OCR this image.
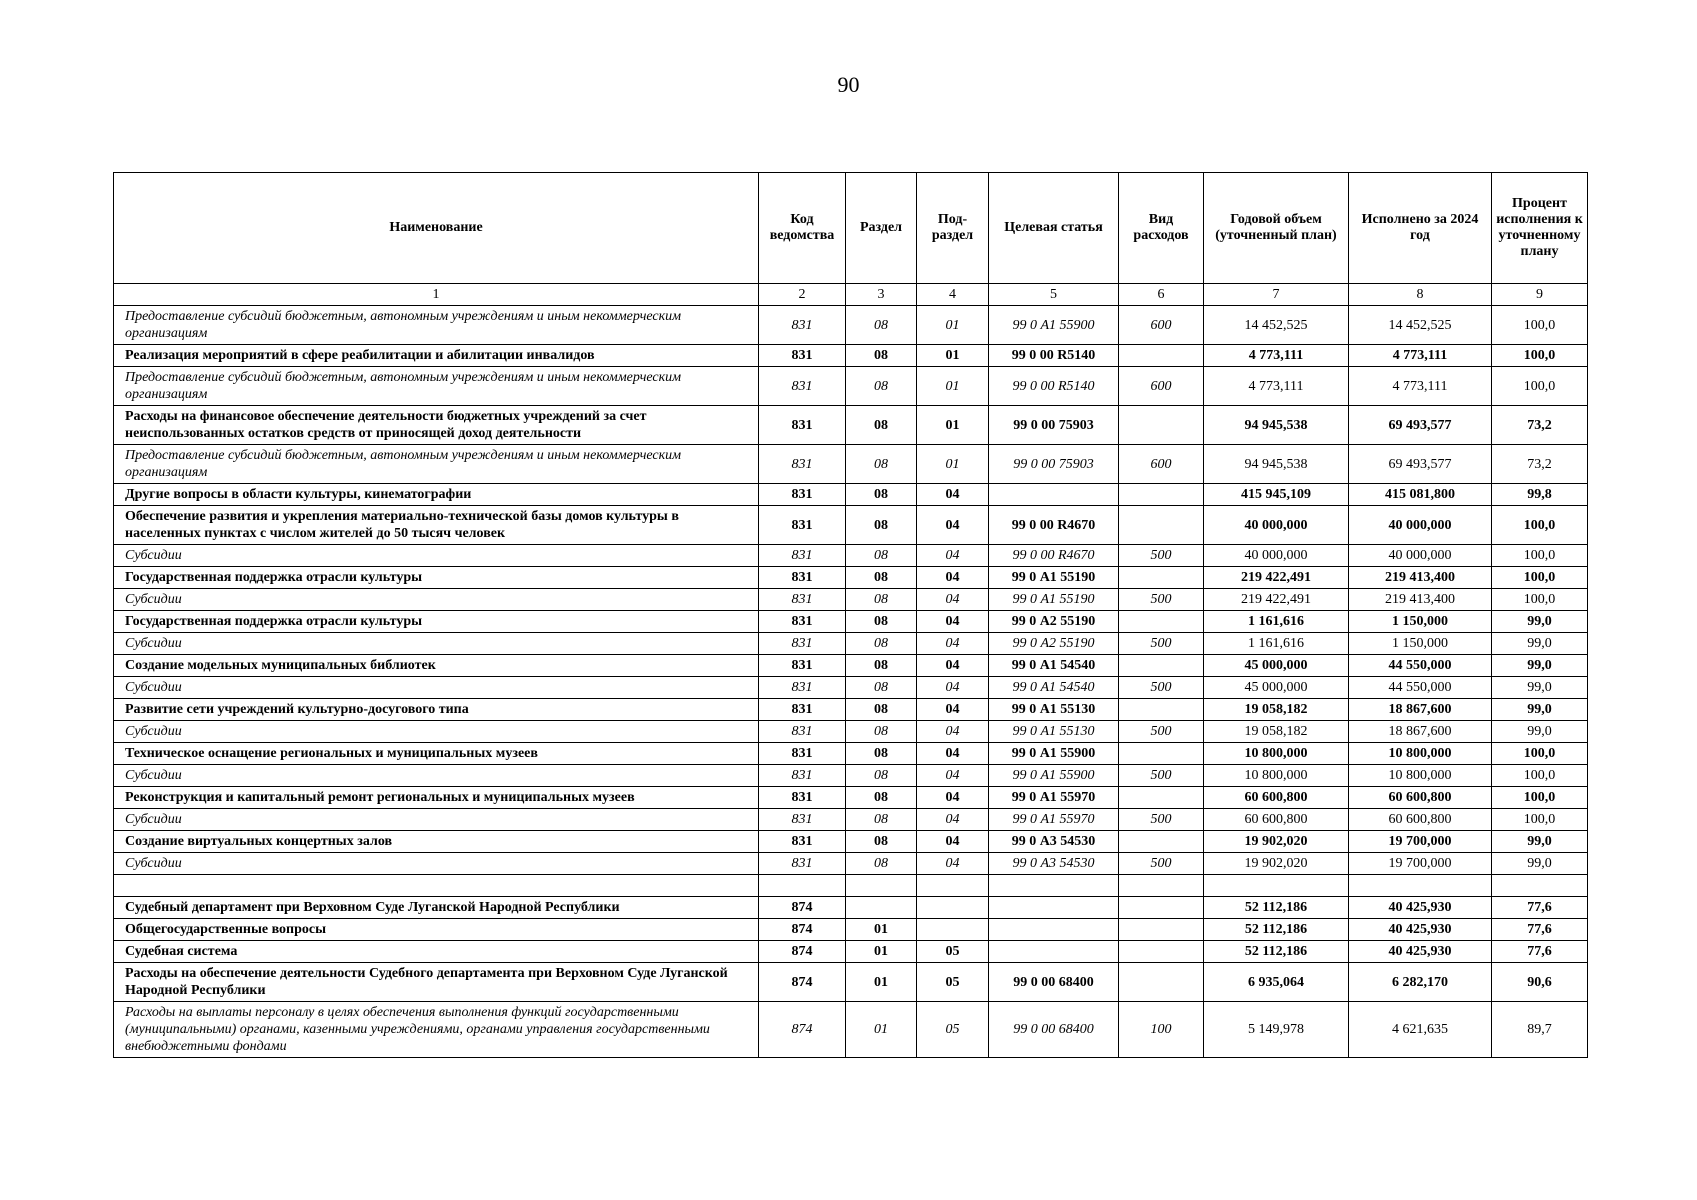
90
Наименование	Код ведомства	Раздел	Под-раздел	Целевая статья	Вид расходов	Годовой объем (уточненный план)	Исполнено за 2024 год	Процент исполнения к уточненному плану
1	2	3	4	5	6	7	8	9
Предоставление субсидий бюджетным, автономным учреждениям и иным некоммерческим организациям	831	08	01	99 0 А1 55900	600	14 452,525	14 452,525	100,0
Реализация мероприятий в сфере реабилитации и абилитации инвалидов	831	08	01	99 0 00 R5140		4 773,111	4 773,111	100,0
Предоставление субсидий бюджетным, автономным учреждениям и иным некоммерческим организациям	831	08	01	99 0 00 R5140	600	4 773,111	4 773,111	100,0
Расходы на финансовое обеспечение деятельности бюджетных учреждений за счет неиспользованных остатков средств от приносящей доход деятельности	831	08	01	99 0 00 75903		94 945,538	69 493,577	73,2
Предоставление субсидий бюджетным, автономным учреждениям и иным некоммерческим организациям	831	08	01	99 0 00 75903	600	94 945,538	69 493,577	73,2
Другие вопросы в области культуры, кинематографии	831	08	04			415 945,109	415 081,800	99,8
Обеспечение развития и укрепления материально-технической базы домов культуры в населенных пунктах с числом жителей до 50 тысяч человек	831	08	04	99 0 00 R4670		40 000,000	40 000,000	100,0
Субсидии	831	08	04	99 0 00 R4670	500	40 000,000	40 000,000	100,0
Государственная поддержка отрасли культуры	831	08	04	99 0 А1 55190		219 422,491	219 413,400	100,0
Субсидии	831	08	04	99 0 А1 55190	500	219 422,491	219 413,400	100,0
Государственная поддержка отрасли культуры	831	08	04	99 0 А2 55190		1 161,616	1 150,000	99,0
Субсидии	831	08	04	99 0 А2 55190	500	1 161,616	1 150,000	99,0
Создание модельных муниципальных библиотек	831	08	04	99 0 А1 54540		45 000,000	44 550,000	99,0
Субсидии	831	08	04	99 0 А1 54540	500	45 000,000	44 550,000	99,0
Развитие сети учреждений культурно-досугового типа	831	08	04	99 0 А1 55130		19 058,182	18 867,600	99,0
Субсидии	831	08	04	99 0 А1 55130	500	19 058,182	18 867,600	99,0
Техническое оснащение региональных и муниципальных музеев	831	08	04	99 0 А1 55900		10 800,000	10 800,000	100,0
Субсидии	831	08	04	99 0 А1 55900	500	10 800,000	10 800,000	100,0
Реконструкция и капитальный ремонт региональных и муниципальных музеев	831	08	04	99 0 А1 55970		60 600,800	60 600,800	100,0
Субсидии	831	08	04	99 0 А1 55970	500	60 600,800	60 600,800	100,0
Создание виртуальных концертных залов	831	08	04	99 0 А3 54530		19 902,020	19 700,000	99,0
Субсидии	831	08	04	99 0 А3 54530	500	19 902,020	19 700,000	99,0

Судебный департамент при Верховном Суде Луганской Народной Республики	874					52 112,186	40 425,930	77,6
Общегосударственные вопросы	874	01				52 112,186	40 425,930	77,6
Судебная система	874	01	05			52 112,186	40 425,930	77,6
Расходы на обеспечение деятельности Судебного департамента при Верховном Суде Луганской Народной Республики	874	01	05	99 0 00 68400		6 935,064	6 282,170	90,6
Расходы на выплаты персоналу в целях обеспечения выполнения функций государственными (муниципальными) органами, казенными учреждениями, органами управления государственными внебюджетными фондами	874	01	05	99 0 00 68400	100	5 149,978	4 621,635	89,7
